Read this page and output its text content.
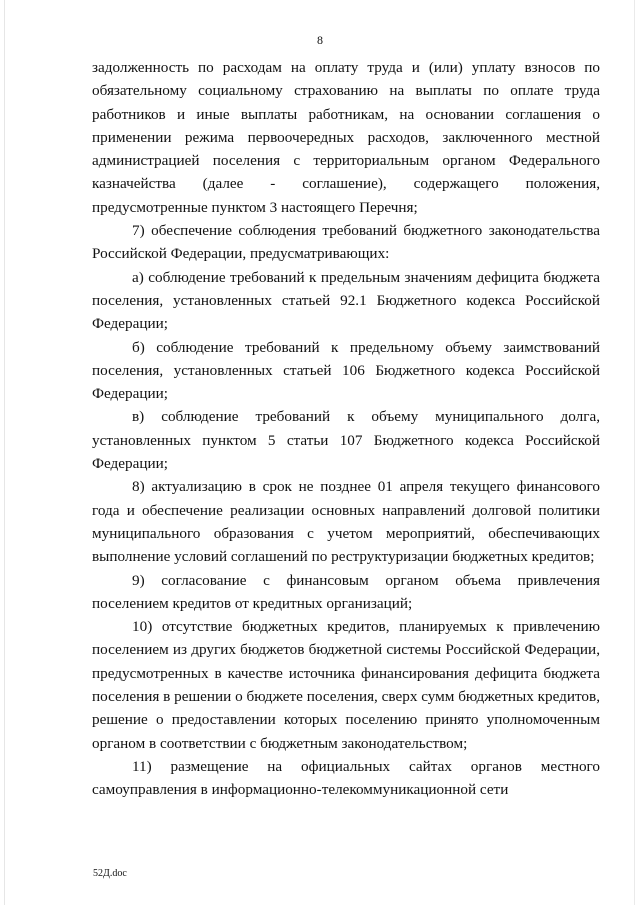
8

задолженность по расходам на оплату труда и (или) уплату взносов по обязательному социальному страхованию на выплаты по оплате труда работников и иные выплаты работникам, на основании соглашения о применении режима первоочередных расходов, заключенного местной администрацией поселения с территориальным органом Федерального казначейства (далее - соглашение), содержащего положения, предусмотренные пунктом 3 настоящего Перечня;

7) обеспечение соблюдения требований бюджетного законодательства Российской Федерации, предусматривающих:

а) соблюдение требований к предельным значениям дефицита бюджета поселения, установленных статьей 92.1 Бюджетного кодекса Российской Федерации;

б) соблюдение требований к предельному объему заимствований поселения, установленных статьей 106 Бюджетного кодекса Российской Федерации;

в) соблюдение требований к объему муниципального долга, установленных пунктом 5 статьи 107 Бюджетного кодекса Российской Федерации;

8) актуализацию в срок не позднее 01 апреля текущего финансового года и обеспечение реализации основных направлений долговой политики муниципального образования с учетом мероприятий, обеспечивающих выполнение условий соглашений по реструктуризации бюджетных кредитов;

9) согласование с финансовым органом объема привлечения поселением кредитов от кредитных организаций;

10) отсутствие бюджетных кредитов, планируемых к привлечению поселением из других бюджетов бюджетной системы Российской Федерации, предусмотренных в качестве источника финансирования дефицита бюджета поселения в решении о бюджете поселения, сверх сумм бюджетных кредитов, решение о предоставлении которых поселению принято уполномоченным органом в соответствии с бюджетным законодательством;

11) размещение на официальных сайтах органов местного самоуправления в информационно-телекоммуникационной сети

52Д.doc
